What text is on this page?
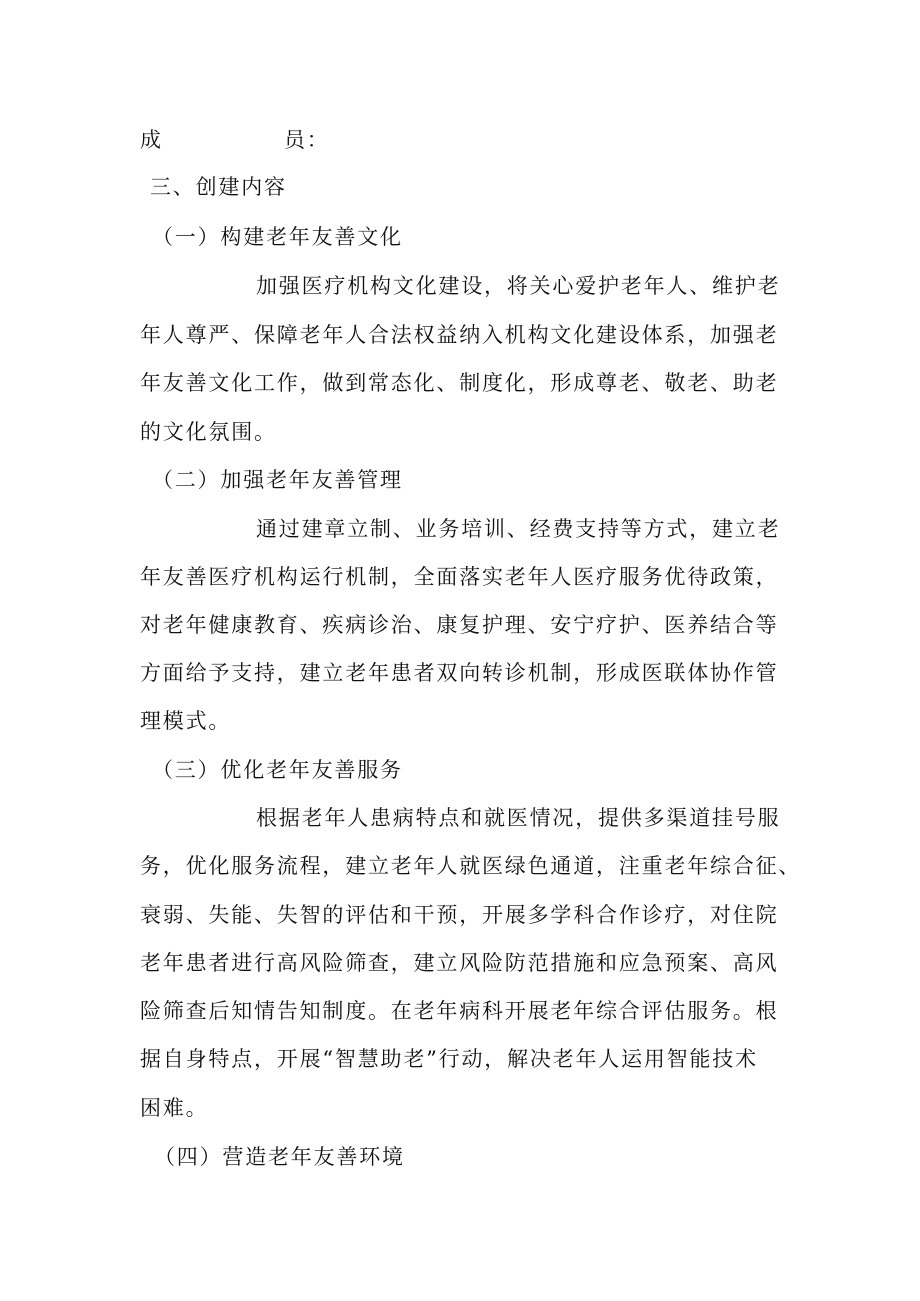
成	员：
三、创建内容
（一）构建老年友善文化
加强医疗机构文化建设，将关心爱护老年人、维护老
年人尊严、保障老年人合法权益纳入机构文化建设体系，加强老
年友善文化工作，做到常态化、制度化，形成尊老、敬老、助老
的文化氛围。
（二）加强老年友善管理
通过建章立制、业务培训、经费支持等方式，建立老
年友善医疗机构运行机制，全面落实老年人医疗服务优待政策，
对老年健康教育、疾病诊治、康复护理、安宁疗护、医养结合等
方面给予支持，建立老年患者双向转诊机制，形成医联体协作管
理模式。
（三）优化老年友善服务
根据老年人患病特点和就医情况，提供多渠道挂号服
务，优化服务流程，建立老年人就医绿色通道，注重老年综合征、
衰弱、失能、失智的评估和干预，开展多学科合作诊疗，对住院
老年患者进行高风险筛查，建立风险防范措施和应急预案、高风
险筛查后知情告知制度。在老年病科开展老年综合评估服务。根
据自身特点，开展“智慧助老”行动，解决老年人运用智能技术
困难。
（四）营造老年友善环境
